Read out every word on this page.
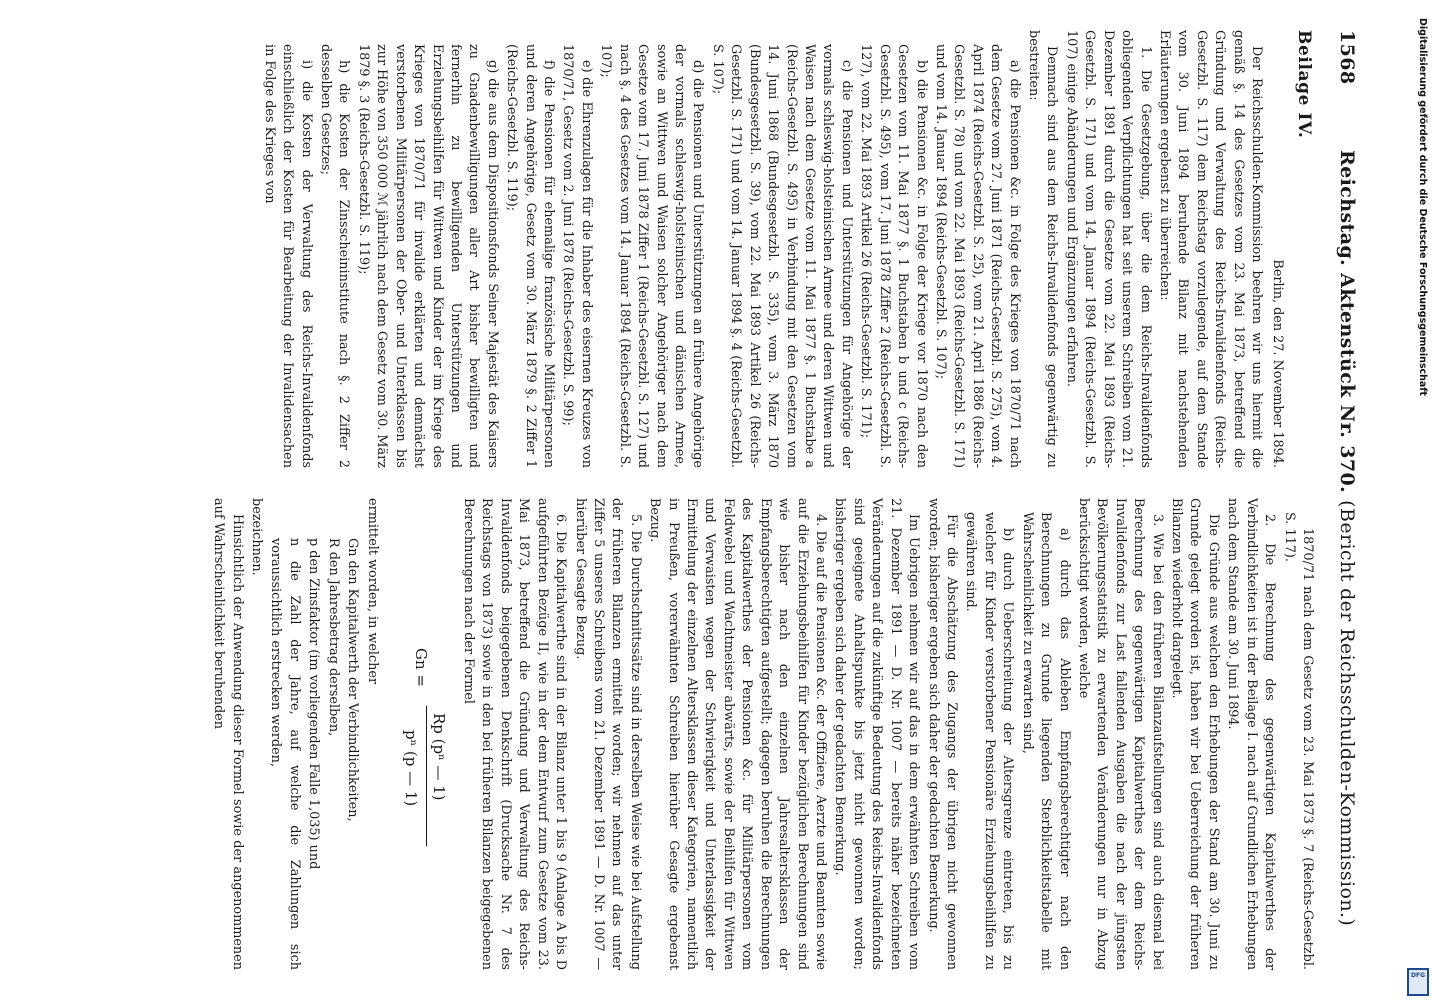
1568
Reichstag. Aktenstück Nr. 370. (Bericht der Reichsschulden-Kommission.)
Beilage IV.
Berlin, den 27. November 1894.

Der Reichsschulden-Kommission beehren wir uns hiermit die gemäß §. 14 des Gesetzes vom 23. Mai 1873, betreffend die Gründung und Verwaltung des Reichs-Invalidenfonds (Reichs-Gesetzbl. S. 117) dem Reichstag vorzulegende, auf dem Stande vom 30. Juni 1894 beruhende Bilanz mit nachstehenden Erläuterungen ergebenst zu überreichen:

1. Die Gesetzgebung, über die dem Reichs-Invalidenfonds obliegenden Verpflichtungen hat seit unserem Schreiben vom 21. Dezember 1891 durch die Gesetze vom 22. Mai 1893 (Reichs-Gesetzbl. S. 171) und vom 14. Januar 1894 (Reichs-Gesetzbl. S. 107) einige Abänderungen und Ergänzungen erfahren.

Demnach sind aus dem Reichs-Invalidenfonds gegenwärtig zu bestreiten:

a) die Pensionen &c. in Folge des Krieges von 1870/71 nach dem Gesetze vom 27. Juni 1871 (Reichs-Gesetzbl. S. 275), vom 4. April 1874 (Reichs-Gesetzbl. S. 25), vom 21. April 1886 (Reichs-Gesetzbl. S. 78) und vom 22. Mai 1893 (Reichs-Gesetzbl. S. 171) und vom 14. Januar 1894 (Reichs-Gesetzbl. S. 107);

b) die Pensionen &c. in Folge der Kriege vor 1870 nach den Gesetzen vom 11. Mai 1877 §. 1 Buchstaben b und c (Reichs-Gesetzbl. S. 495), vom 17. Juni 1878 Ziffer 2 (Reichs-Gesetzbl. S. 127), vom 22. Mai 1893 Artikel 26 (Reichs-Gesetzbl. S. 171);

c) die Pensionen und Unterstützungen für Angehörige der vormals schleswig-holsteinischen Armee und deren Wittwen und Waisen nach dem Gesetze vom 11. Mai 1877 §. 1 Buchstabe a (Reichs-Gesetzbl. S. 495) in Verbindung mit den Gesetzen vom 14. Juni 1868 (Bundesgesetzbl. S. 335), vom 3. März 1870 (Bundesgesetzbl. S. 39), vom 22. Mai 1893 Artikel 26 (Reichs-Gesetzbl. S. 171) und vom 14. Januar 1894 §. 4 (Reichs-Gesetzbl. S. 107);

d) die Pensionen und Unterstützungen an frühere Angehörige der vormals schleswig-holsteinischen und dänischen Armee, sowie an Wittwen und Waisen solcher Angehöriger nach dem Gesetze vom 17. Juni 1878 Ziffer 1 (Reichs-Gesetzbl. S. 127) und nach §. 4 des Gesetzes vom 14. Januar 1894 (Reichs-Gesetzbl. S. 107);

e) die Ehrenzulagen für die Inhaber des eisernen Kreuzes von 1870/71, Gesetz vom 2. Juni 1878 (Reichs-Gesetzbl. S. 99);

f) die Pensionen für ehemalige französische Militärpersonen und deren Angehörige, Gesetz vom 30. März 1879 §. 2 Ziffer 1 (Reichs-Gesetzbl. S. 119);

g) die aus dem Dispositionsfonds Seiner Majestät des Kaisers zu Gnadenbewilligungen aller Art bisher bewilligten und fernerhin zu bewilligenden Unterstützungen und Erziehungsbeihilfen für Wittwen und Kinder der im Kriege des Krieges von 1870/71 für invalide erklärten und demnächst verstorbenen Militärpersonen der Ober- und Unterklassen bis zur Höhe von 350 000 ℳ jährlich nach dem Gesetz vom 30. März 1879 §. 3 (Reichs-Gesetzbl. S. 119);

h) die Kosten der Zinsscheininstitute nach §. 2 Ziffer 2 desselben Gesetzes;

i) die Kosten der Verwaltung des Reichs-Invalidenfonds einschließlich der Kosten für Bearbeitung der Invalidensachen in Folge des Krieges von

1870/71 nach dem Gesetz vom 23. Mai 1873 §. 7 (Reichs-Gesetzbl. S. 117).

2. Die Berechnung des gegenwärtigen Kapitalwerthes der Verbindlichkeiten ist in der Beilage I. nach auf Grundlichen Erhebungen nach dem Stande am 30. Juni 1894.

Die Gründe aus welchen den Erhebungen der Stand am 30. Juni zu Grunde gelegt worden ist, haben wir bei Ueberreichung der früheren Bilanzen wiederholt dargelegt.

3. Wie bei den früheren Bilanzaufstellungen sind auch diesmal bei Berechnung des gegenwärtigen Kapitalwerthes der dem Reichs-Invalidenfonds zur Last fallenden Ausgaben die nach der jüngsten Bevölkerungsstatistik zu erwartenden Veränderungen nur in Abzug berücksichtigt worden, welche

a) durch das Ableben Empfangsberechtigter nach den Berechnungen zu Grunde liegenden Sterblichkeitstabelle mit Wahrscheinlichkeit zu erwarten sind,

b) durch Ueberschreitung der Altersgrenze eintreten, bis zu welcher für Kinder verstorbener Pensionäre Erziehungsbeihilfen zu gewähren sind.

Für die Abschätzung des Zugangs der übrigen nicht gewonnen worden; bisheriger ergeben sich daher der gedachten Bemerkung.

Im Uebrigen nehmen wir auf das in dem erwähnten Schreiben vom 21. Dezember 1891 — D. Nr. 1007 — bereits näher bezeichneten Veränderungen auf die zukünftige Bedeutung des Reichs-Invalidenfonds sind geeignete Anhaltspunkte bis jetzt nicht gewonnen worden; bisheriger ergeben sich daher der gedachten Bemerkung.

4. Die auf die Pensionen &c. der Offiziere, Aerzte und Beamten sowie auf die Erziehungsbeihilfen für Kinder bezüglichen Berechnungen sind wie bisher nach den einzelnen Jahresaltersklassen der Empfangsberechtigten aufgestellt; dagegen beruhen die Berechnungen des Kapitalwerthes der Pensionen &c. für Militärpersonen vom Feldwebel und Wachtmeister abwärts, sowie der Beihilfen für Wittwen und Verwaisten wegen der Schwierigkeit und Unterlassigkeit der Ermittelung der einzelnen Altersklassen dieser Kategorien, namentlich in Preußen, vorerwähnten Schreiben hierüber Gesagte ergebenst Bezug.

5. Die Durchschnittssätze sind in derselben Weise wie bei Aufstellung der früheren Bilanzen ermittelt worden; wir nehmen auf das unter Ziffer 5 unseres Schreibens vom 21. Dezember 1891 — D. Nr. 1007 — hierüber Gesagte Bezug.

6. Die Kapitalwerthe sind in der Bilanz unter 1 bis 9 (Anlage A bis D aufgeführten Bezüge II, wie in der dem Entwurf zum Gesetze vom 23. Mai 1873, betreffend die Gründung und Verwaltung des Reichs-Invalidenfonds beigegebenen Denkschrift (Drucksache Nr. 7 des Reichstags von 1873) sowie in den bei früheren Bilanzen beigegebenen Berechnungen nach der Formel

Gn =
Rp (pⁿ — 1)
pⁿ (p — 1)

ermittelt worden, in welcher

Gn den Kapitalwerth der Verbindlichkeiten,

R den Jahresbetrag derselben,

p den Zinsfaktor (im vorliegenden Falle 1,035) und

n die Zahl der Jahre, auf welche die Zahlungen sich voraussichtlich erstrecken werden,

bezeichnen.

Hinsichtlich der Anwendung dieser Formel sowie der angenommenen auf Wahrscheinlichkeit beruhenden

Digitalisierung gefördert durch die Deutsche Forschungsgemeinschaft
DFG
